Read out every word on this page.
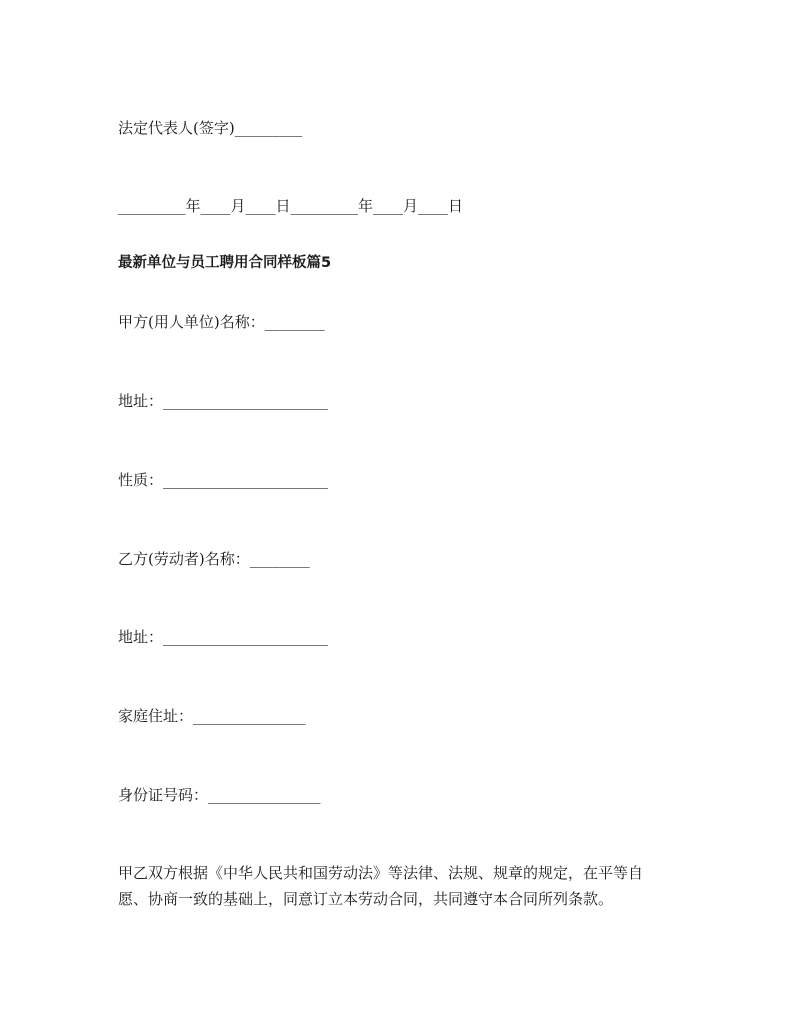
法定代表人(签字)_________

_________年____月____日_________年____月____日

最新单位与员工聘用合同样板篇5

甲方(用人单位)名称：________

地址：______________________

性质：______________________

乙方(劳动者)名称：________

地址：______________________

家庭住址：_______________

身份证号码：_______________

甲乙双方根据《中华人民共和国劳动法》等法律、法规、规章的规定，在平等自
愿、协商一致的基础上，同意订立本劳动合同，共同遵守本合同所列条款。
